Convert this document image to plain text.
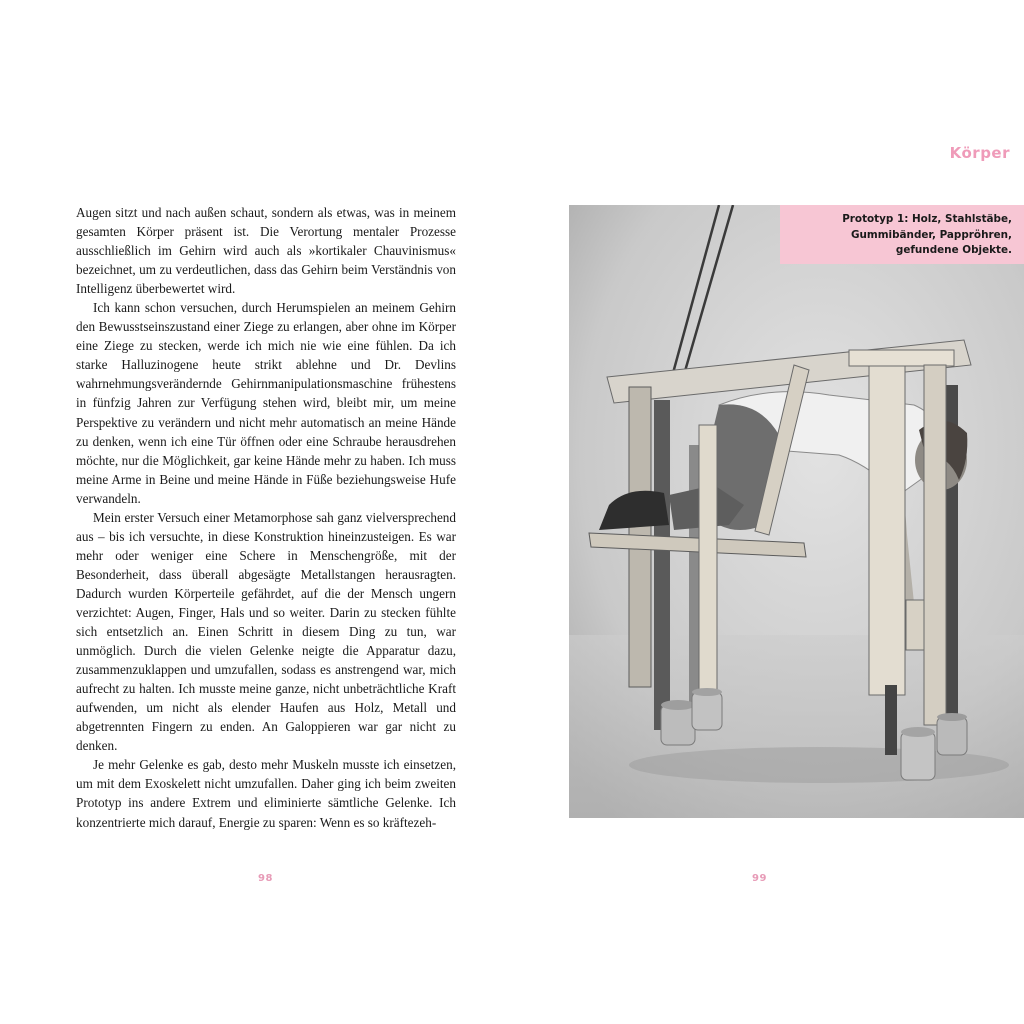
Augen sitzt und nach außen schaut, sondern als etwas, was in meinem gesamten Körper präsent ist. Die Verortung mentaler Prozesse ausschließlich im Gehirn wird auch als »kortikaler Chauvinismus« bezeichnet, um zu verdeutlichen, dass das Gehirn beim Verständnis von Intelligenz überbewertet wird.

Ich kann schon versuchen, durch Herumspielen an meinem Gehirn den Bewusstseinszustand einer Ziege zu erlangen, aber ohne im Körper eine Ziege zu stecken, werde ich mich nie wie eine fühlen. Da ich starke Halluzinogene heute strikt ablehne und Dr. Devlins wahrnehmungsverändernde Gehirnmanipulationsmaschine frühestens in fünfzig Jahren zur Verfügung stehen wird, bleibt mir, um meine Perspektive zu verändern und nicht mehr automatisch an meine Hände zu denken, wenn ich eine Tür öffnen oder eine Schraube herausdrehen möchte, nur die Möglichkeit, gar keine Hände mehr zu haben. Ich muss meine Arme in Beine und meine Hände in Füße beziehungsweise Hufe verwandeln.

Mein erster Versuch einer Metamorphose sah ganz vielversprechend aus – bis ich versuchte, in diese Konstruktion hineinzusteigen. Es war mehr oder weniger eine Schere in Menschengröße, mit der Besonderheit, dass überall abgesägte Metallstangen herausragten. Dadurch wurden Körperteile gefährdet, auf die der Mensch ungern verzichtet: Augen, Finger, Hals und so weiter. Darin zu stecken fühlte sich entsetzlich an. Einen Schritt in diesem Ding zu tun, war unmöglich. Durch die vielen Gelenke neigte die Apparatur dazu, zusammenzuklappen und umzufallen, sodass es anstrengend war, mich aufrecht zu halten. Ich musste meine ganze, nicht unbeträchtliche Kraft aufwenden, um nicht als elender Haufen aus Holz, Metall und abgetrennten Fingern zu enden. An Galoppieren war gar nicht zu denken.

Je mehr Gelenke es gab, desto mehr Muskeln musste ich einsetzen, um mit dem Exoskelett nicht umzufallen. Daher ging ich beim zweiten Prototyp ins andere Extrem und eliminierte sämtliche Gelenke. Ich konzentrierte mich darauf, Energie zu sparen: Wenn es so kräftezeh-

98
Körper
Prototyp 1: Holz, Stahlstäbe,
Gummibänder, Papprӧhren,
gefundene Objekte.
99
